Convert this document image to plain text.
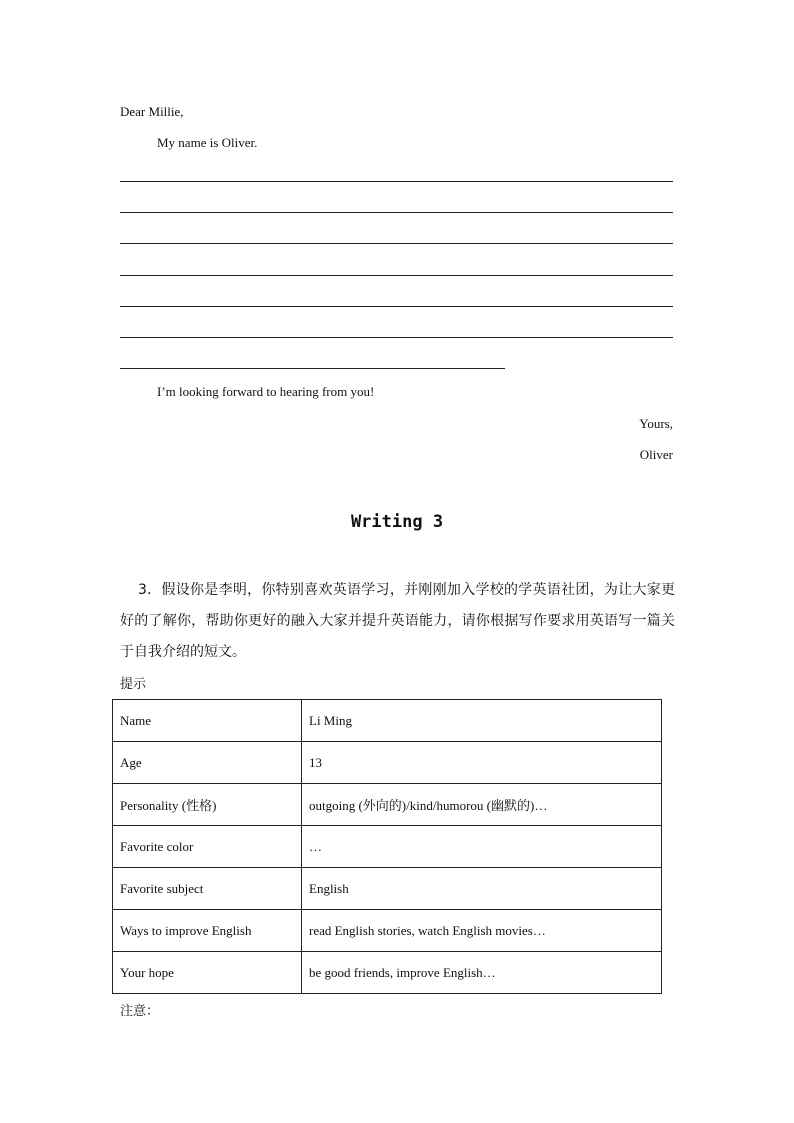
Dear Millie,
My name is Oliver.
I’m looking forward to hearing from you!
Yours,
Oliver
Writing 3
3．假设你是李明，你特别喜欢英语学习，并刚刚加入学校的学英语社团，为让大家更好的了解你，帮助你更好的融入大家并提升英语能力，请你根据写作要求用英语写一篇关于自我介绍的短文。
提示
Name	Li Ming
Age	13
Personality (性格)	outgoing (外向的)/kind/humorou (幽默的)…
Favorite color	…
Favorite subject	English
Ways to improve English	read English stories, watch English movies…
Your hope	be good friends, improve English…
注意：
